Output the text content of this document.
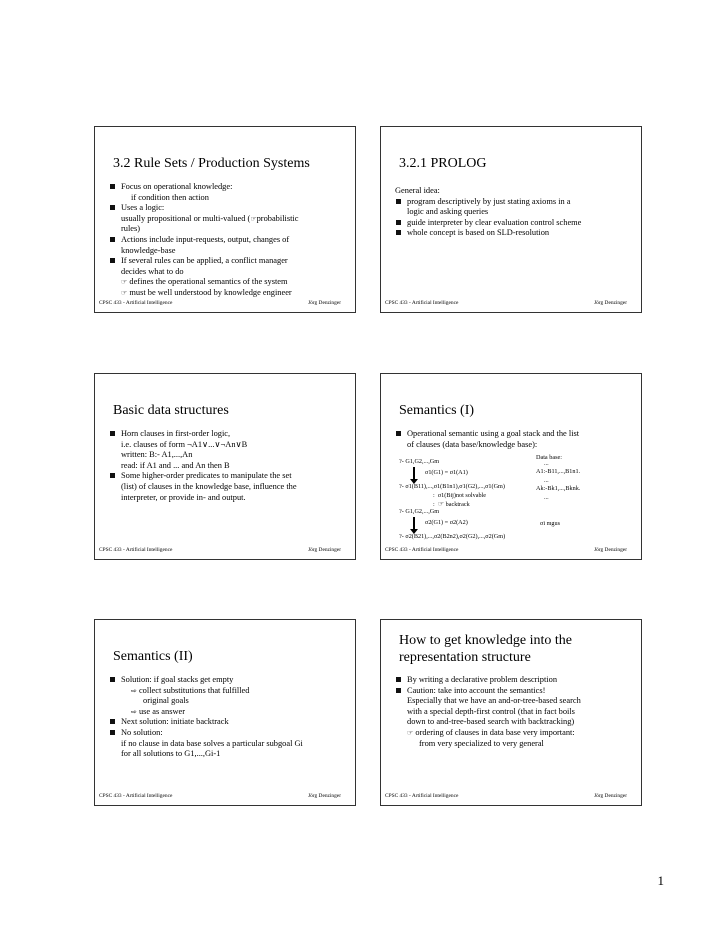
3.2 Rule Sets / Production Systems
Focus on operational knowledge:
if condition then action
Uses a logic:
usually propositional or multi-valued (☞probabilistic
rules)
Actions include input-requests, output, changes of
knowledge-base
If several rules can be applied, a conflict manager
decides what to do
☞ defines the operational semantics of the system
☞ must be well understood by knowledge engineer
CPSC 433 - Artificial Intelligence	Jörg Denzinger
3.2.1 PROLOG
General idea:
program descriptively by just stating axioms in a
logic and asking queries
guide interpreter by clear evaluation control scheme
whole concept is based on SLD-resolution
CPSC 433 - Artificial Intelligence	Jörg Denzinger
Basic data structures
Horn clauses in first-order logic,
i.e. clauses of form ¬A1∨...∨¬An∨B
written: B:- A1,...,An
read: if A1 and ... and An then B
Some higher-order predicates to manipulate the set
(list) of clauses in the knowledge base, influence the
interpreter, or provide in- and output.
CPSC 433 - Artificial Intelligence	Jörg Denzinger
Semantics (I)
Operational semantic using a goal stack and the list
of clauses (data base/knowledge base):
?- G1,G2,...,Gm
σ1(G1) = σ1(A1)
?- σ1(B11),...,σ1(B1n1),σ1(G2),...,σ1(Gm)
:  σ1(Bij)not solvable
:  ☞ backtrack
?- G1,G2,...,Gm
σ2(G1) = σ2(A2)
?- σ2(B21),...,σ2(B2n2),σ2(G2),...,σ2(Gm)
Data base:
...
A1:-B11,...,B1n1.
...
Ak:-Bk1,...,Bknk.
...
σi mgus
CPSC 433 - Artificial Intelligence	Jörg Denzinger
Semantics (II)
Solution: if goal stacks get empty
⇨ collect substitutions that fulfilled
original goals
⇨ use as answer
Next solution: initiate backtrack
No solution:
if no clause in data base solves a particular subgoal Gi
for all solutions to G1,...,Gi-1
CPSC 433 - Artificial Intelligence	Jörg Denzinger
How to get knowledge into the representation structure
By writing a declarative problem description
Caution: take into account the semantics!
Especially that we have an and-or-tree-based search
with a special depth-first control (that in fact boils
down to and-tree-based search with backtracking)
☞ ordering of clauses in data base very important:
from very specialized to very general
CPSC 433 - Artificial Intelligence	Jörg Denzinger
1
